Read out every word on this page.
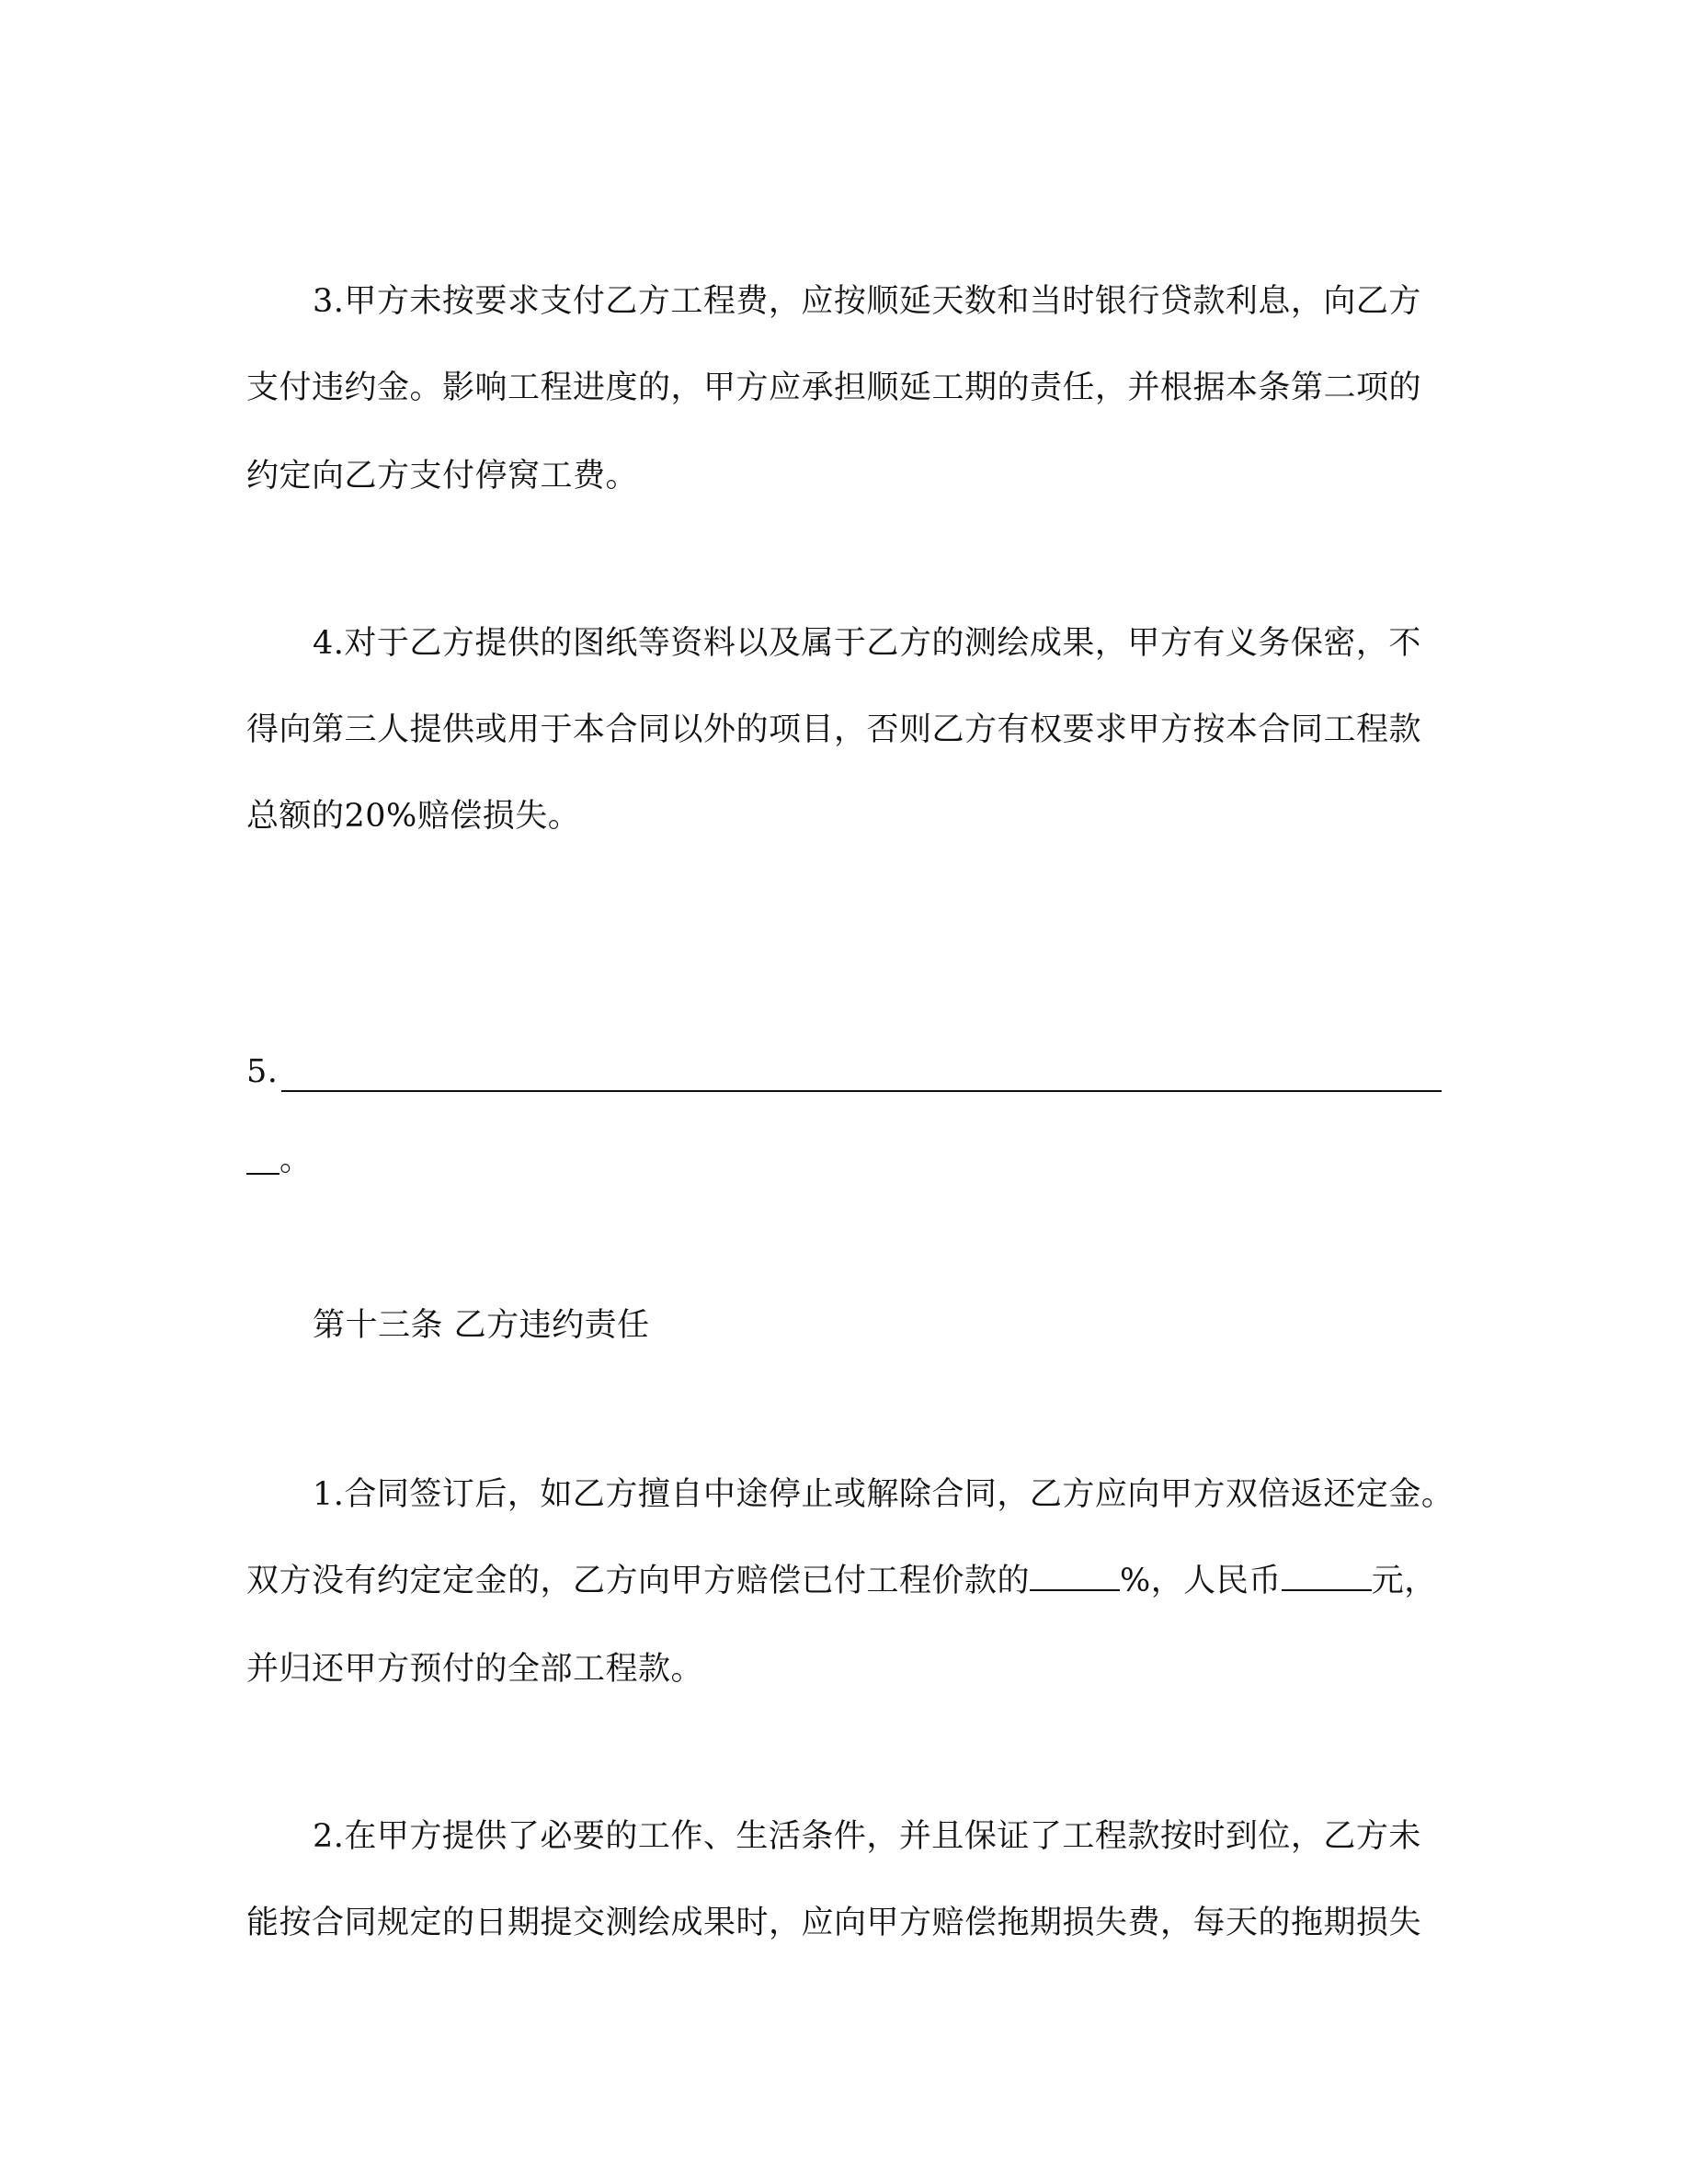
3.甲方未按要求支付乙方工程费，应按顺延天数和当时银行贷款利息，向乙方
支付违约金。影响工程进度的，甲方应承担顺延工期的责任，并根据本条第二项的
约定向乙方支付停窝工费。
4.对于乙方提供的图纸等资料以及属于乙方的测绘成果，甲方有义务保密，不
得向第三人提供或用于本合同以外的项目，否则乙方有权要求甲方按本合同工程款
总额的20%赔偿损失。
5.
。
第十三条 乙方违约责任
1.合同签订后，如乙方擅自中途停止或解除合同，乙方应向甲方双倍返还定金。
双方没有约定定金的，乙方向甲方赔偿已付工程价款的	%，人民币	元，
并归还甲方预付的全部工程款。
2.在甲方提供了必要的工作、生活条件，并且保证了工程款按时到位，乙方未
能按合同规定的日期提交测绘成果时，应向甲方赔偿拖期损失费，每天的拖期损失
